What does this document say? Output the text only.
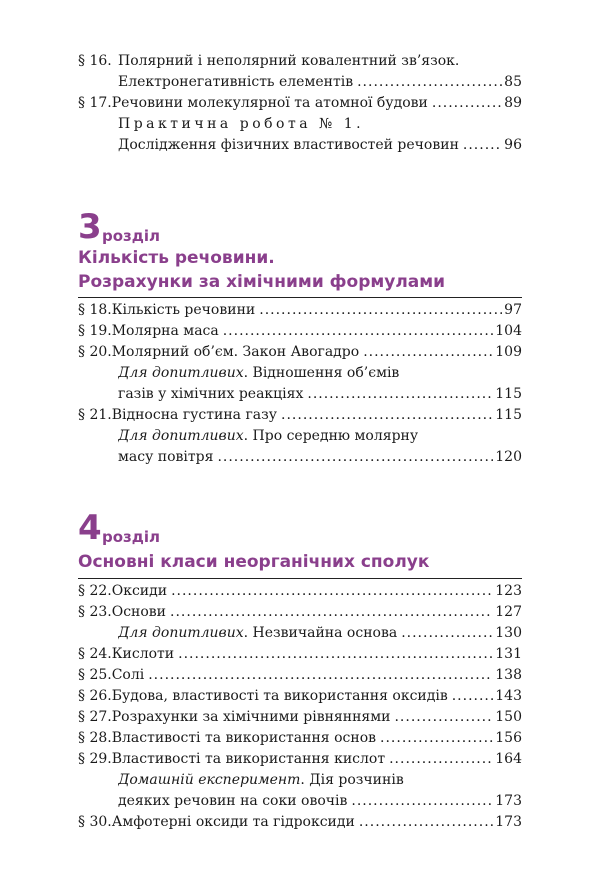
§ 16. Полярний і неполярний ковалентний зв’язок.
Електронегативність елементів .....	85
§ 17. Речовини молекулярної та атомної будови .....	89
Практична робота № 1.
Дослідження фізичних властивостей речовин .....	96
3 розділ
Кількість речовини.
Розрахунки за хімічними формулами
§ 18. Кількість речовини .....	97
§ 19. Молярна маса .....	104
§ 20. Молярний об’єм. Закон Авогадро .....	109
Для допитливих. Відношення об’ємів
газів у хімічних реакціях .....	115
§ 21. Відносна густина газу .....	115
Для допитливих. Про середню молярну
масу повітря .....	120
4 розділ
Основні класи неорганічних сполук
§ 22. Оксиди .....	123
§ 23. Основи .....	127
Для допитливих. Незвичайна основа .....	130
§ 24. Кислоти .....	131
§ 25. Солі .....	138
§ 26. Будова, властивості та використання оксидів .....	143
§ 27. Розрахунки за хімічними рівняннями .....	150
§ 28. Властивості та використання основ .....	156
§ 29. Властивості та використання кислот .....	164
Домашній експеримент. Дія розчинів
деяких речовин на соки овочів .....	173
§ 30. Амфотерні оксиди та гідроксиди .....	173
